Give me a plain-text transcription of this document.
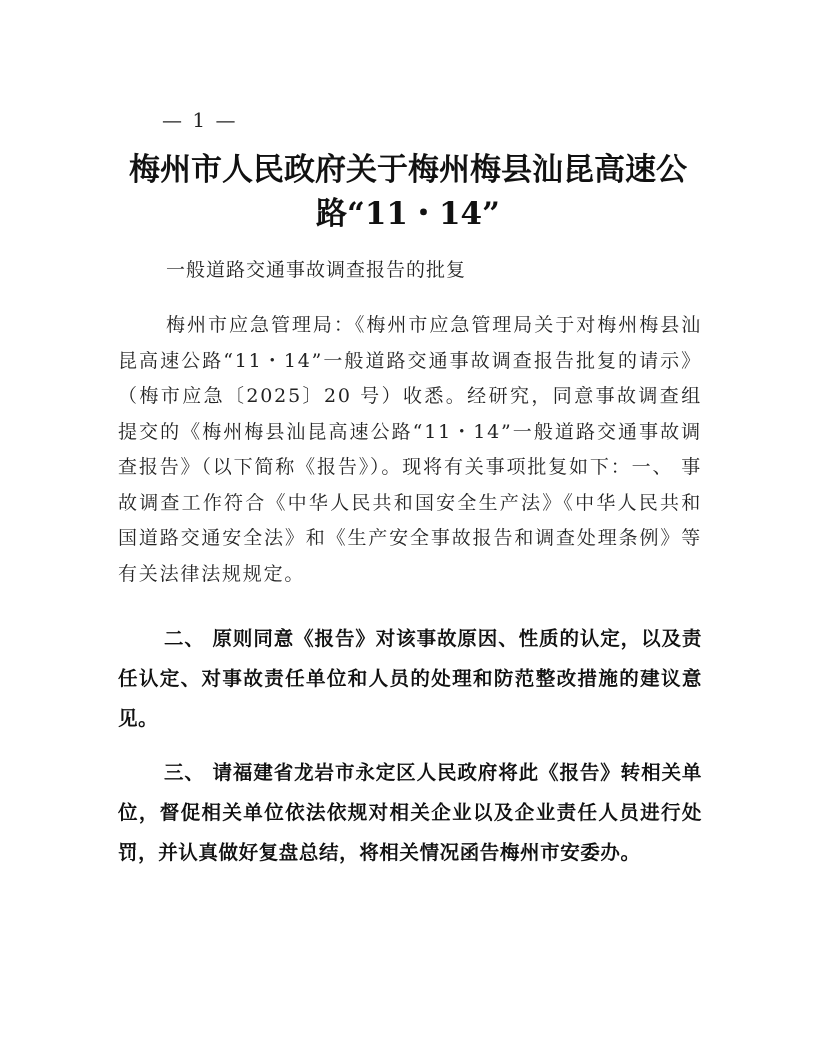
— 1 —
梅州市人民政府关于梅州梅县汕昆高速公路“11・14”
一般道路交通事故调查报告的批复

梅州市应急管理局：《梅州市应急管理局关于对梅州梅县汕昆高速公路“11・14”一般道路交通事故调查报告批复的请示》（梅市应急〔2025〕20 号）收悉。经研究，同意事故调查组提交的《梅州梅县汕昆高速公路“11・14”一般道路交通事故调查报告》（以下简称《报告》）。现将有关事项批复如下：一、 事故调查工作符合《中华人民共和国安全生产法》《中华人民共和国道路交通安全法》和《生产安全事故报告和调查处理条例》等有关法律法规规定。

二、 原则同意《报告》对该事故原因、性质的认定，以及责任认定、对事故责任单位和人员的处理和防范整改措施的建议意见。

三、 请福建省龙岩市永定区人民政府将此《报告》转相关单位，督促相关单位依法依规对相关企业以及企业责任人员进行处罚，并认真做好复盘总结，将相关情况函告梅州市安委办。
